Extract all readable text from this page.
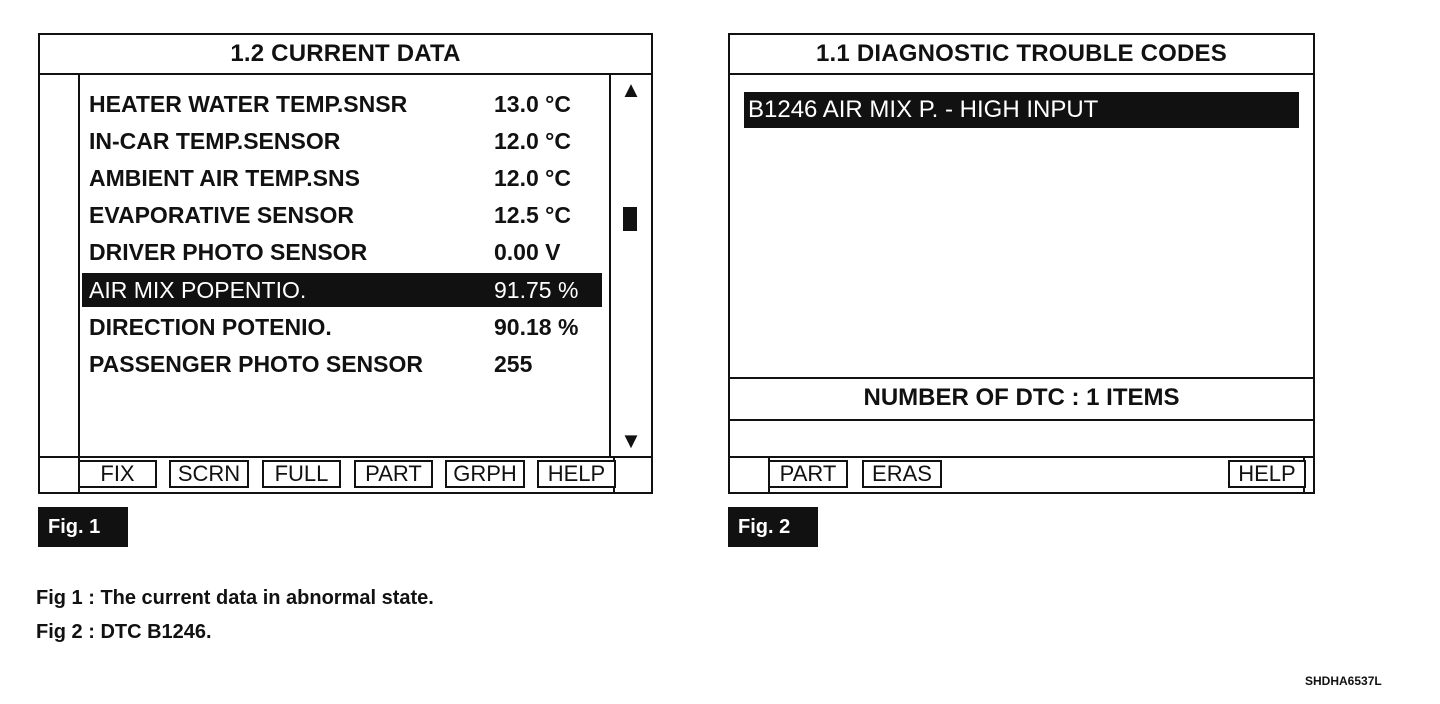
1.2 CURRENT DATA
▲
▼
HEATER WATER TEMP.SNSR	13.0 °C
IN-CAR TEMP.SENSOR	12.0 °C
AMBIENT AIR TEMP.SNS	12.0 °C
EVAPORATIVE SENSOR	12.5 °C
DRIVER PHOTO SENSOR	0.00 V
AIR MIX POPENTIO.	91.75 %
DIRECTION POTENIO.	90.18 %
PASSENGER PHOTO SENSOR	255
FIX	SCRN	FULL	PART	GRPH	HELP
Fig. 1
1.1 DIAGNOSTIC TROUBLE CODES
B1246 AIR MIX P. - HIGH INPUT
NUMBER OF DTC : 1 ITEMS
PART	ERAS	HELP
Fig. 2
Fig 1 : The current data in abnormal state.
Fig 2 : DTC B1246.
SHDHA6537L
